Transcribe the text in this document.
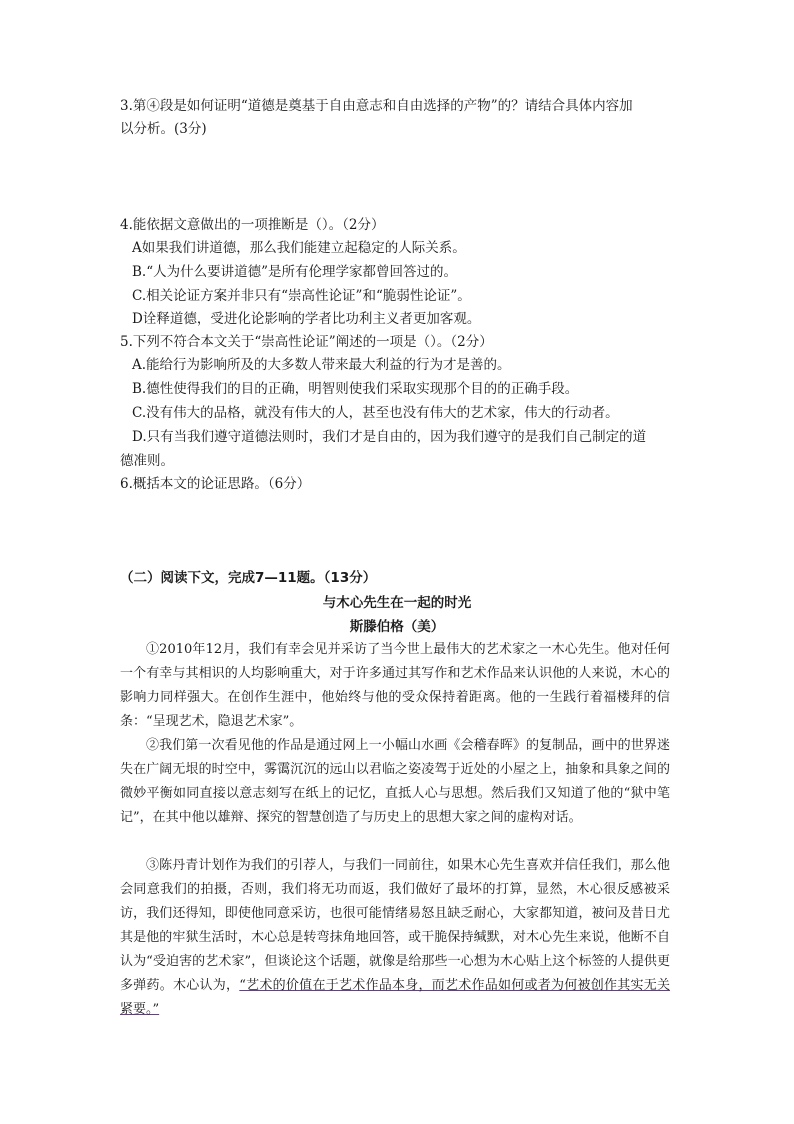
3.第④段是如何证明“道德是奠基于自由意志和自由选择的产物”的？请结合具体内容加
以分析。(3分)
4.能依据文意做出的一项推断是（）。（2分）
A如果我们讲道德，那么我们能建立起稳定的人际关系。
B.“人为什么要讲道德”是所有伦理学家都曾回答过的。
C.相关论证方案并非只有“崇高性论证”和“脆弱性论证”。
D诠释道德，受进化论影响的学者比功利主义者更加客观。
5.下列不符合本文关于“崇高性论证”阐述的一项是（）。（2分）
A.能给行为影响所及的大多数人带来最大利益的行为才是善的。
B.德性使得我们的目的正确，明智则使我们采取实现那个目的的正确手段。
C.没有伟大的品格，就没有伟大的人，甚至也没有伟大的艺术家，伟大的行动者。
D.只有当我们遵守道德法则时，我们才是自由的，因为我们遵守的是我们自己制定的道
德准则。
6.概括本文的论证思路。（6分）
（二）阅读下文，完成7—11题。（13分）
与木心先生在一起的时光
斯滕伯格（美）
①2010年12月，我们有幸会见并采访了当今世上最伟大的艺术家之一木心先生。他对任何一个有幸与其相识的人均影响重大，对于许多通过其写作和艺术作品来认识他的人来说，木心的影响力同样强大。在创作生涯中，他始终与他的受众保持着距离。他的一生践行着福楼拜的信条：“呈现艺术，隐退艺术家”。
②我们第一次看见他的作品是通过网上一小幅山水画《会稽春晖》的复制品，画中的世界迷失在广阔无垠的时空中，雾霭沉沉的远山以君临之姿凌驾于近处的小屋之上，抽象和具象之间的微妙平衡如同直接以意志刻写在纸上的记忆，直抵人心与思想。然后我们又知道了他的“狱中笔记”，在其中他以雄辩、探究的智慧创造了与历史上的思想大家之间的虚构对话。
③陈丹青计划作为我们的引荐人，与我们一同前往，如果木心先生喜欢并信任我们，那么他会同意我们的拍摄，否则，我们将无功而返，我们做好了最坏的打算，显然，木心很反感被采访，我们还得知，即使他同意采访，也很可能情绪易怒且缺乏耐心，大家都知道，被问及昔日尤其是他的牢狱生活时，木心总是转弯抹角地回答，或干脆保持缄默，对木心先生来说，他断不自认为“受迫害的艺术家”，但谈论这个话题，就像是给那些一心想为木心贴上这个标签的人提供更多弹药。木心认为，“艺术的价值在于艺术作品本身，而艺术作品如何或者为何被创作其实无关紧要。”
